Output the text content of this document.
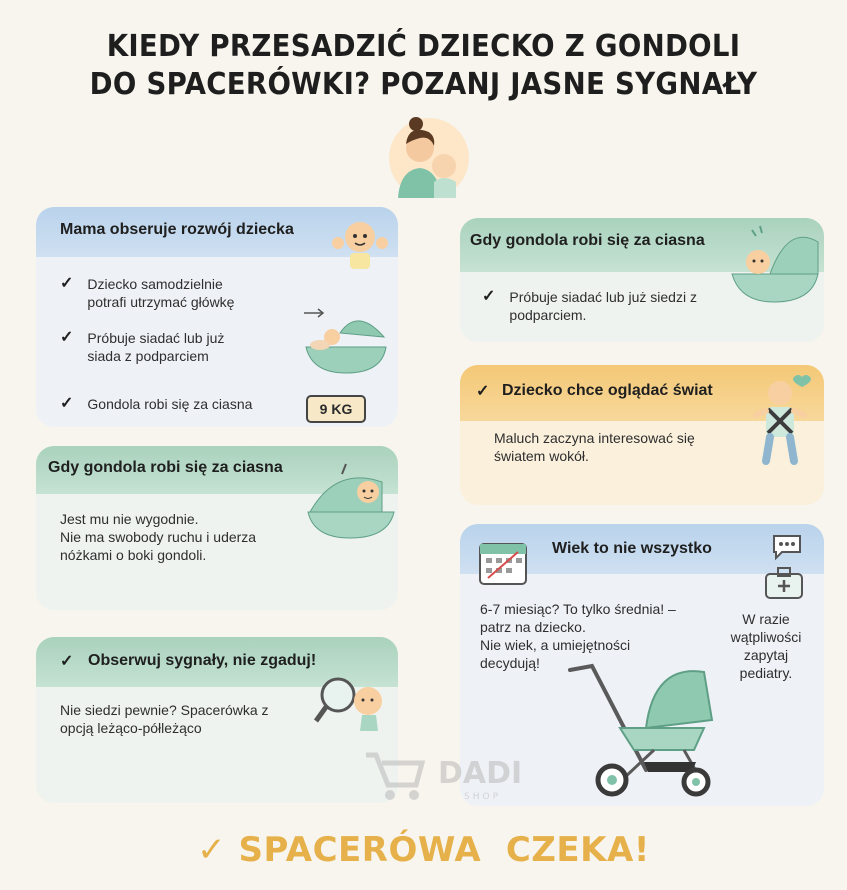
KIEDY PRZESADZIĆ DZIECKO Z GONDOLI
DO SPACERÓWKI? POZANJ JASNE SYGNAŁY
Mama obseruje rozwój dziecka
✓ Dziecko samodzielnie
potrafi utrzymać główkę
✓ Próbuje siadać lub już
siada z podparciem
✓ Gondola robi się za ciasna	9 KG
Gdy gondola robi się za ciasna
Jest mu nie wygodnie.
Nie ma swobody ruchu i uderza
nóżkami o boki gondoli.
✓ Obserwuj sygnały, nie zgaduj!
Nie siedzi pewnie? Spacerówka z
opcją leżąco-półleżąco
Gdy gondola robi się za ciasna
✓ Próbuje siadać lub już siedzi z
podparciem.
✓ Dziecko chce oglądać świat
Maluch zaczyna interesować się
światem wokół.
Wiek to nie wszystko
6-7 miesiąc? To tylko średnia! –
patrz na dziecko.
Nie wiek, a umiejętności
decydują!
W razie
wątpliwości
zapytaj
pediatry.
DADI
SHOP
✓ SPACERÓWA  CZEKA!
